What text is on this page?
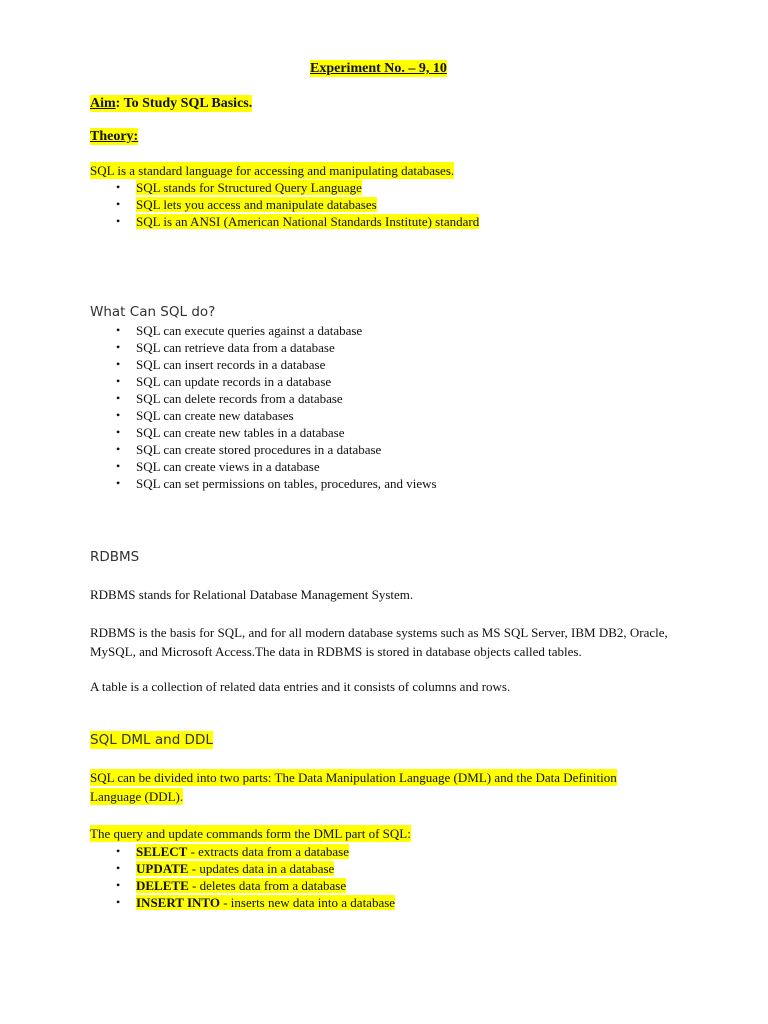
Experiment No. – 9, 10
Aim: To Study SQL Basics.
Theory:
SQL is a standard language for accessing and manipulating databases.
• SQL stands for Structured Query Language
• SQL lets you access and manipulate databases
• SQL is an ANSI (American National Standards Institute) standard
What Can SQL do?
• SQL can execute queries against a database
• SQL can retrieve data from a database
• SQL can insert records in a database
• SQL can update records in a database
• SQL can delete records from a database
• SQL can create new databases
• SQL can create new tables in a database
• SQL can create stored procedures in a database
• SQL can create views in a database
• SQL can set permissions on tables, procedures, and views
RDBMS
RDBMS stands for Relational Database Management System.
RDBMS is the basis for SQL, and for all modern database systems such as MS SQL Server, IBM DB2, Oracle, MySQL, and Microsoft Access.The data in RDBMS is stored in database objects called tables.
A table is a collection of related data entries and it consists of columns and rows.
SQL DML and DDL
SQL can be divided into two parts: The Data Manipulation Language (DML) and the Data Definition
Language (DDL).
The query and update commands form the DML part of SQL:
• SELECT - extracts data from a database
• UPDATE - updates data in a database
• DELETE - deletes data from a database
• INSERT INTO - inserts new data into a database
